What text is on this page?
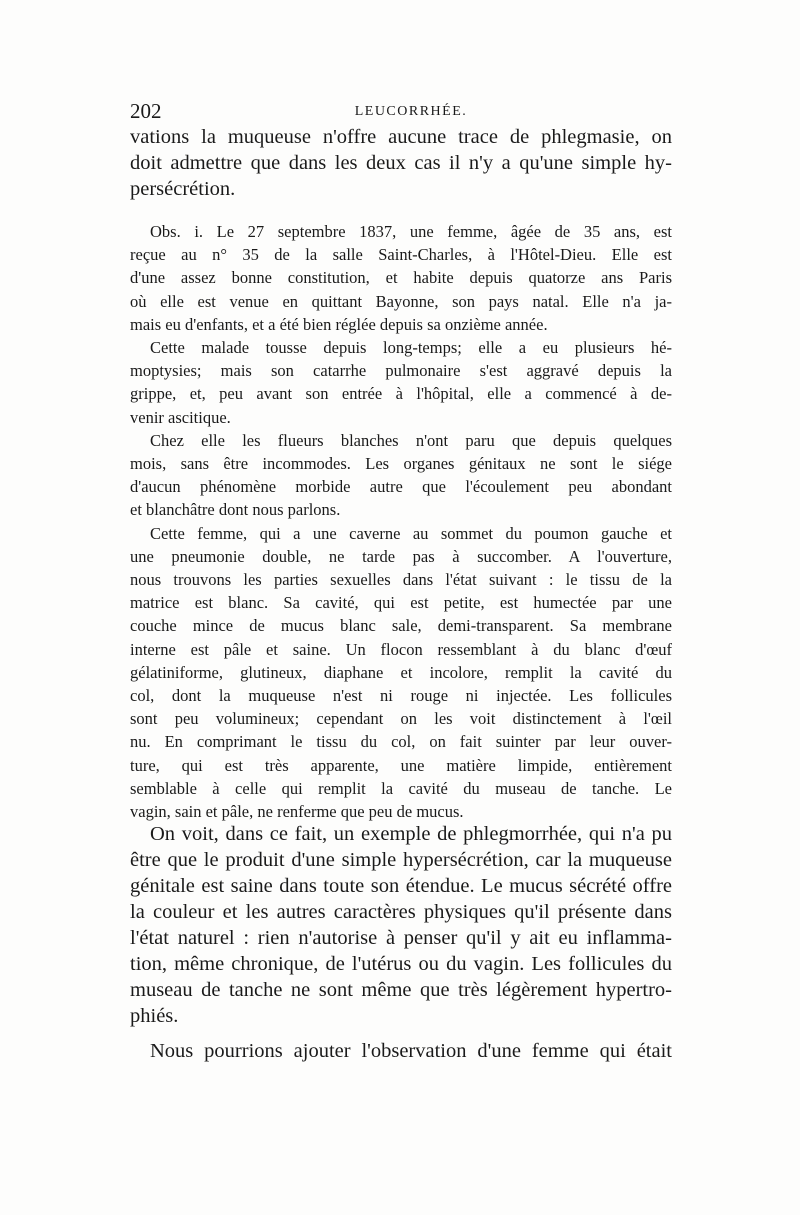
202	LEUCORRHÉE.
vations la muqueuse n'offre aucune trace de phlegmasie, on
doit admettre que dans les deux cas il n'y a qu'une simple hy-
persécrétion.
Obs. i. Le 27 septembre 1837, une femme, âgée de 35 ans, est
reçue au n° 35 de la salle Saint-Charles, à l'Hôtel-Dieu. Elle est
d'une assez bonne constitution, et habite depuis quatorze ans Paris
où elle est venue en quittant Bayonne, son pays natal. Elle n'a ja-
mais eu d'enfants, et a été bien réglée depuis sa onzième année.
Cette malade tousse depuis long-temps; elle a eu plusieurs hé-
moptysies; mais son catarrhe pulmonaire s'est aggravé depuis la
grippe, et, peu avant son entrée à l'hôpital, elle a commencé à de-
venir ascitique.
Chez elle les flueurs blanches n'ont paru que depuis quelques
mois, sans être incommodes. Les organes génitaux ne sont le siége
d'aucun phénomène morbide autre que l'écoulement peu abondant
et blanchâtre dont nous parlons.
Cette femme, qui a une caverne au sommet du poumon gauche et
une pneumonie double, ne tarde pas à succomber. A l'ouverture,
nous trouvons les parties sexuelles dans l'état suivant : le tissu de la
matrice est blanc. Sa cavité, qui est petite, est humectée par une
couche mince de mucus blanc sale, demi-transparent. Sa membrane
interne est pâle et saine. Un flocon ressemblant à du blanc d'œuf
gélatiniforme, glutineux, diaphane et incolore, remplit la cavité du
col, dont la muqueuse n'est ni rouge ni injectée. Les follicules
sont peu volumineux; cependant on les voit distinctement à l'œil
nu. En comprimant le tissu du col, on fait suinter par leur ouver-
ture, qui est très apparente, une matière limpide, entièrement
semblable à celle qui remplit la cavité du museau de tanche. Le
vagin, sain et pâle, ne renferme que peu de mucus.
On voit, dans ce fait, un exemple de phlegmorrhée, qui n'a pu
être que le produit d'une simple hypersécrétion, car la muqueuse
génitale est saine dans toute son étendue. Le mucus sécrété offre
la couleur et les autres caractères physiques qu'il présente dans
l'état naturel : rien n'autorise à penser qu'il y ait eu inflamma-
tion, même chronique, de l'utérus ou du vagin. Les follicules du
museau de tanche ne sont même que très légèrement hypertro-
phiés.
Nous pourrions ajouter l'observation d'une femme qui était
